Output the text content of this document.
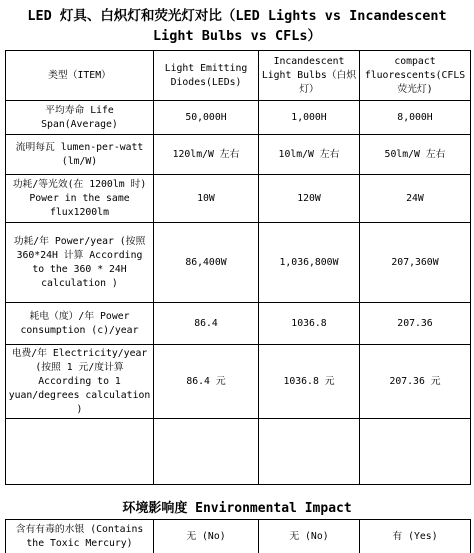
LED 灯具、白炽灯和荧光灯对比（LED Lights vs Incandescent
Light Bulbs vs CFLs）
类型（ITEM）	Light Emitting Diodes(LEDs)	Incandescent Light Bulbs（白炽灯）	compact fluorescents(CFLS 荧光灯)
平均寿命 Life Span(Average)	50,000H	1,000H	8,000H
流明每瓦 lumen-per-watt (lm/W)	120lm/W 左右	10lm/W 左右	50lm/W 左右
功耗/等光效(在 1200lm 时) Power in the same flux1200lm	10W	120W	24W
功耗/年 Power/year (按照 360*24H 计算 According to the 360 * 24H calculation )	86,400W	1,036,800W	207,360W
耗电（度）/年 Power consumption (c)/year	86.4	1036.8	207.36
电费/年 Electricity/year (按照 1 元/度计算 According to 1 yuan/degrees calculation )	86.4 元	1036.8 元	207.36 元

环境影响度 Environmental Impact
含有有毒的水银 (Contains the Toxic Mercury)	无 (No)	无 (No)	有 (Yes)
